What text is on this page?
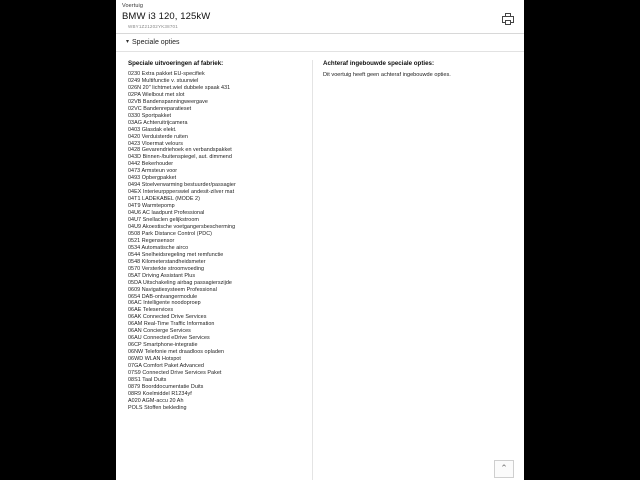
Voertuig
BMW i3 120, 125kW
WBY1Z21202YK38701
▾ Speciale opties
Speciale uitvoeringen af fabriek:
0230 Extra pakket EU-specifiek
0249 Multifunctie v. stuurwiel
026N 20" lichtmet.wiel dubbele spaak 431
02PA Wielbout met slot
02VB Bandenspanningweergave
02VC Bandenreparatieset
0330 Sportpakket
03AG Achteruitrijcamera
0403 Glasdak elekt.
0420 Verduisterde ruiten
0423 Vloermat velours
0428 Gevarendriehoek en verbandspakket
043D Binnen-/buitenspiegel, aut. dimmend
0442 Bekerhouder
0473 Armsteun voor
0493 Opbergpakket
0494 Stoelverwarming bestuurder/passagier
04EX Interieurppperswiel andesit-zilver mat
04T1 LADEKABEL (MODE 2)
04T9 Warmtepomp
04U6 AC laadpunt Professional
04U7 Snellaclen gelijkstroom
04U9 Akoestische voetgangersbescherming
0508 Park Distance Control (PDC)
0521 Regensensor
0534 Automatische airco
0544 Snelheidsregeling met remfunctie
0548 Kilometerstandheidsmeter
0570 Versterkte stroomvoeding
05AT Driving Assistant Plus
05DA Uitschakeling airbag passagierszijde
0609 Navigatiesysteem Professional
0654 DAB-ontvangermodule
06AC Intelligente noodoproep
06AE Teleservices
06AK Connected Drive Services
06AM Real-Time Traffic Information
06AN Concierge Services
06AU Connected eDrive Services
06CP Smartphone-integratie
06NW Telefonie met draadloos opladen
06WD WLAN Hotspot
07GA Comfort Paket Advanced
07S9 Connected Drive Services Paket
08S1 Taal Duits
0879 Boorddocumentatie Duits
08R9 Koelmiddel R1234yf
A020 AGM-accu 20 Ah
POLS Stoffen bekleding
Achteraf ingebouwde speciale opties:
Dit voertuig heeft geen achteraf ingebouwde opties.
⌃
